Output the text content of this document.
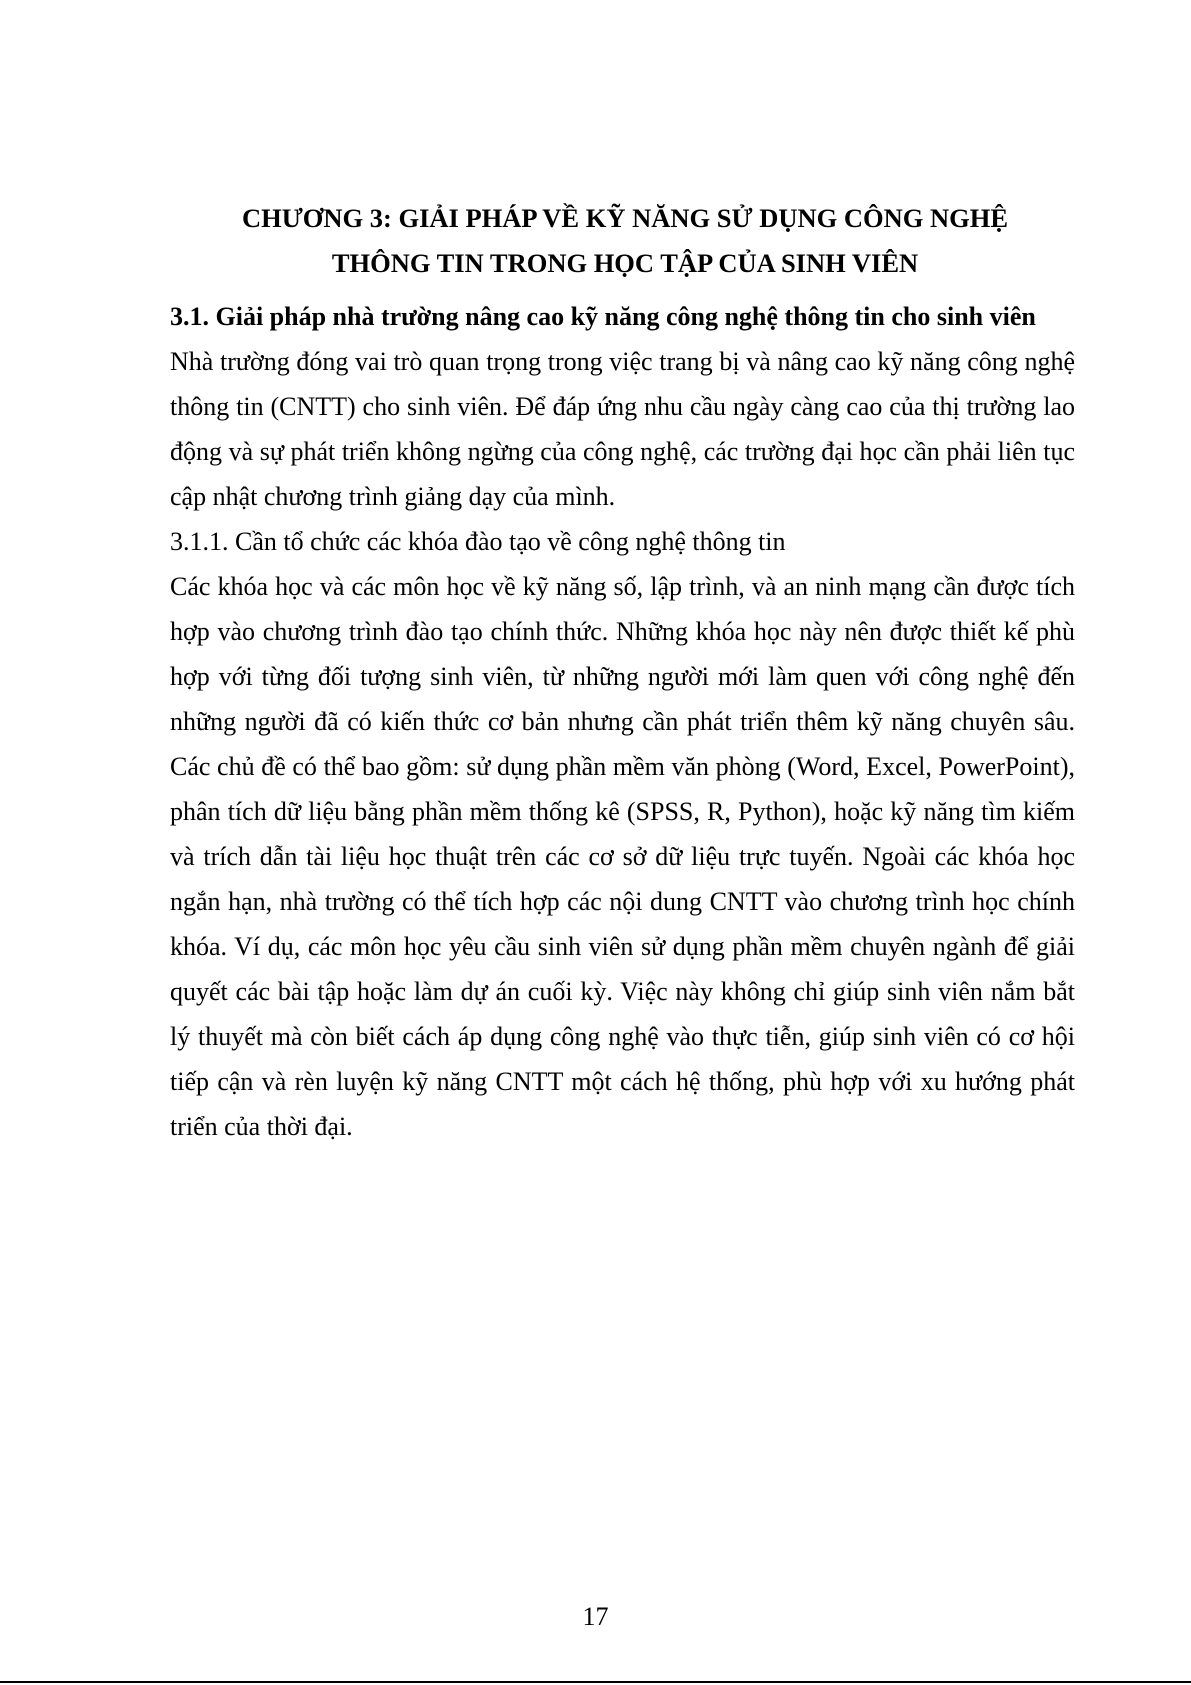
CHƯƠNG 3: GIẢI PHÁP VỀ KỸ NĂNG SỬ DỤNG CÔNG NGHỆ
THÔNG TIN TRONG HỌC TẬP CỦA SINH VIÊN
3.1. Giải pháp nhà trường nâng cao kỹ năng công nghệ thông tin cho sinh viên

Nhà trường đóng vai trò quan trọng trong việc trang bị và nâng cao kỹ năng công nghệ thông tin (CNTT) cho sinh viên. Để đáp ứng nhu cầu ngày càng cao của thị trường lao động và sự phát triển không ngừng của công nghệ, các trường đại học cần phải liên tục cập nhật chương trình giảng dạy của mình.

3.1.1. Cần tổ chức các khóa đào tạo về công nghệ thông tin

Các khóa học và các môn học về kỹ năng số, lập trình, và an ninh mạng cần được tích hợp vào chương trình đào tạo chính thức. Những khóa học này nên được thiết kế phù hợp với từng đối tượng sinh viên, từ những người mới làm quen với công nghệ đến những người đã có kiến thức cơ bản nhưng cần phát triển thêm kỹ năng chuyên sâu. Các chủ đề có thể bao gồm: sử dụng phần mềm văn phòng (Word, Excel, PowerPoint), phân tích dữ liệu bằng phần mềm thống kê (SPSS, R, Python), hoặc kỹ năng tìm kiếm và trích dẫn tài liệu học thuật trên các cơ sở dữ liệu trực tuyến. Ngoài các khóa học ngắn hạn, nhà trường có thể tích hợp các nội dung CNTT vào chương trình học chính khóa. Ví dụ, các môn học yêu cầu sinh viên sử dụng phần mềm chuyên ngành để giải quyết các bài tập hoặc làm dự án cuối kỳ. Việc này không chỉ giúp sinh viên nắm bắt lý thuyết mà còn biết cách áp dụng công nghệ vào thực tiễn, giúp sinh viên có cơ hội tiếp cận và rèn luyện kỹ năng CNTT một cách hệ thống, phù hợp với xu hướng phát triển của thời đại.

17
